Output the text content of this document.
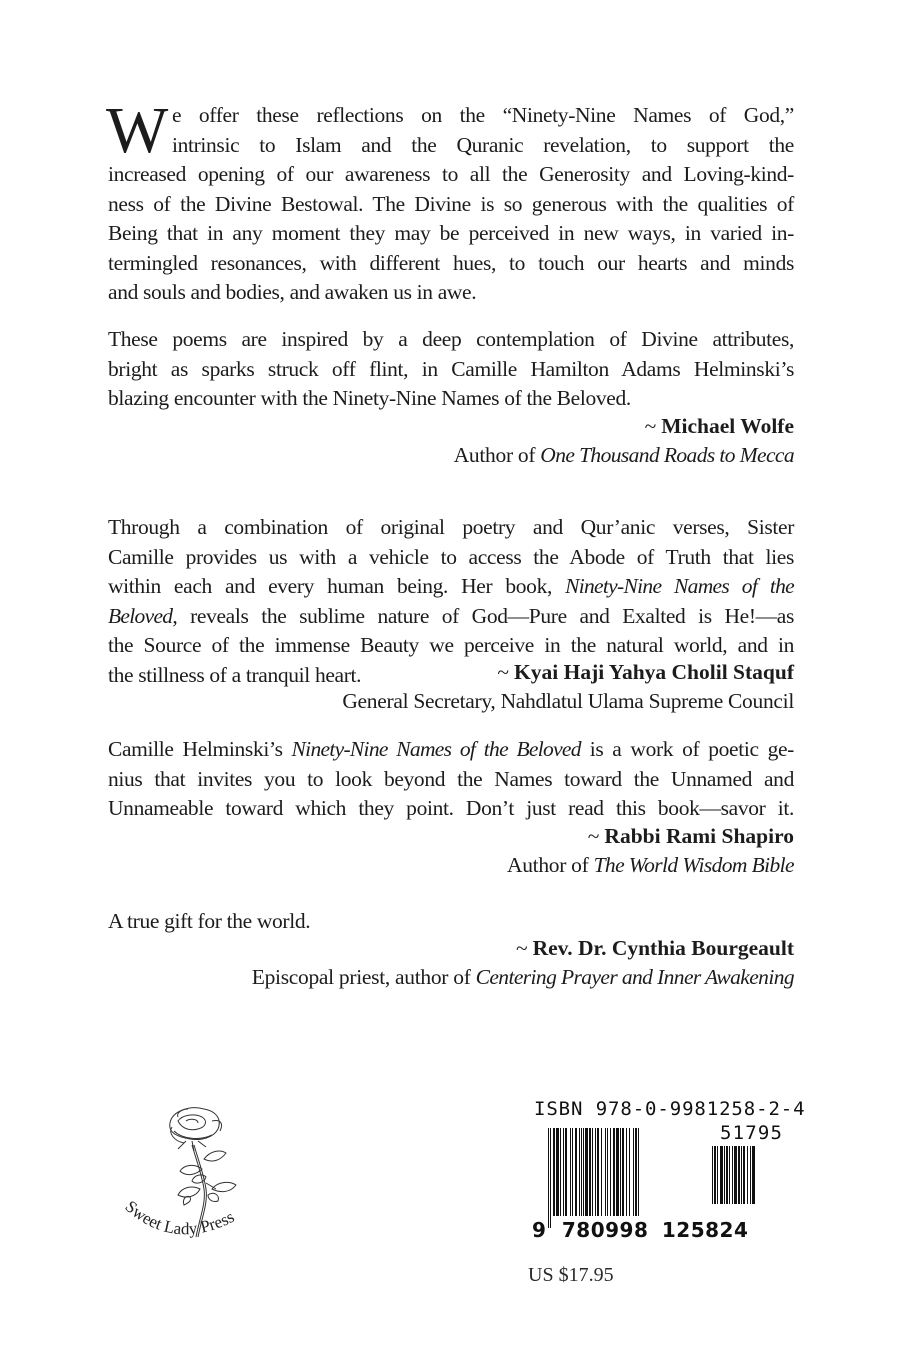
W e offer these reflections on the “Ninety-Nine Names of God,”
intrinsic to Islam and the Quranic revelation, to support the
increased opening of our awareness to all the Generosity and Loving-kind-
ness of the Divine Bestowal. The Divine is so generous with the qualities of
Being that in any moment they may be perceived in new ways, in varied in-
termingled resonances, with different hues, to touch our hearts and minds
and souls and bodies, and awaken us in awe.
These poems are inspired by a deep contemplation of Divine attributes,
bright as sparks struck off flint, in Camille Hamilton Adams Helminski’s
blazing encounter with the Ninety-Nine Names of the Beloved.
~ Michael Wolfe
Author of One Thousand Roads to Mecca
Through a combination of original poetry and Qur’anic verses, Sister
Camille provides us with a vehicle to access the Abode of Truth that lies
within each and every human being. Her book, Ninety-Nine Names of the
Beloved, reveals the sublime nature of God—Pure and Exalted is He!—as
the Source of the immense Beauty we perceive in the natural world, and in
the stillness of a tranquil heart.	~ Kyai Haji Yahya Cholil Staquf
General Secretary, Nahdlatul Ulama Supreme Council
Camille Helminski’s Ninety-Nine Names of the Beloved is a work of poetic ge-
nius that invites you to look beyond the Names toward the Unnamed and
Unnameable toward which they point. Don’t just read this book—savor it.
~ Rabbi Rami Shapiro
Author of The World Wisdom Bible
A true gift for the world.
~ Rev. Dr. Cynthia Bourgeault
Episcopal priest, author of Centering Prayer and Inner Awakening
Sweet Lady Press
ISBN 978-0-9981258-2-4
51795
9 780998 125824
US $17.95
